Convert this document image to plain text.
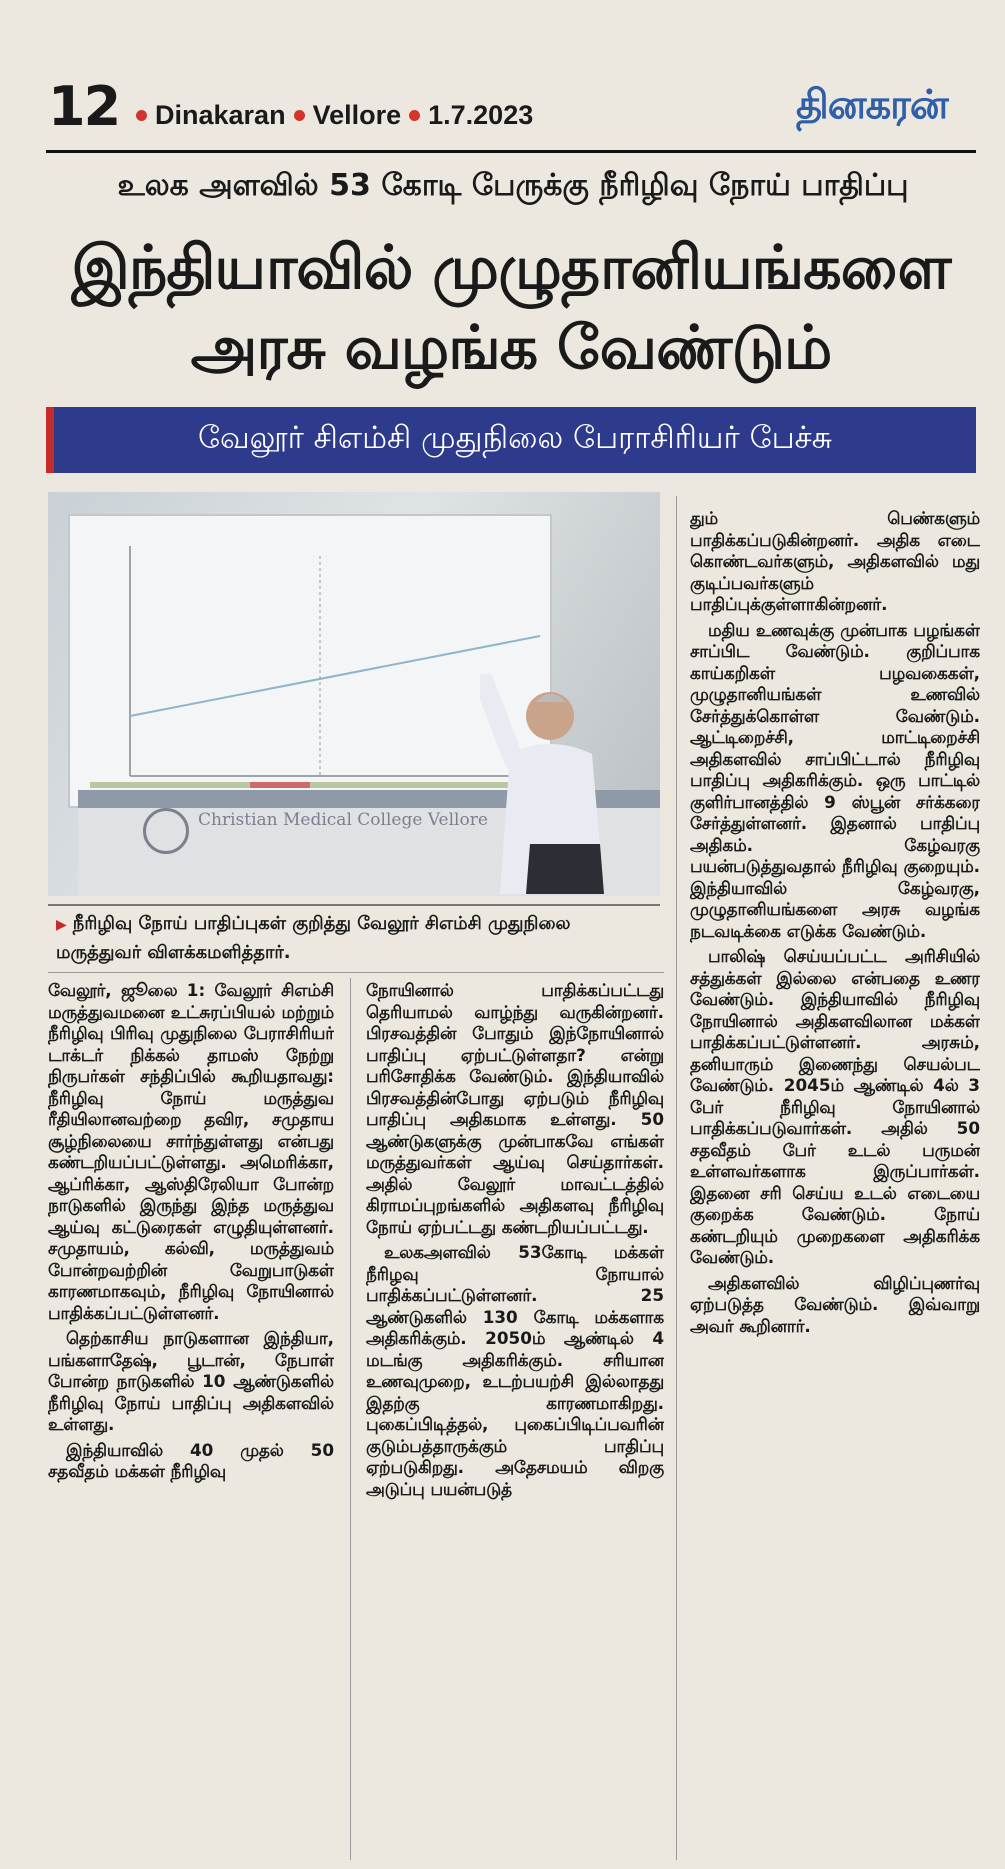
12 Dinakaran Vellore 1.7.2023	தினகரன்
உலக அளவில் 53 கோடி பேருக்கு நீரிழிவு நோய் பாதிப்பு
இந்தியாவில் முழுதானியங்களை
அரசு வழங்க வேண்டும்
வேலூர் சிஎம்சி முதுநிலை பேராசிரியர் பேச்சு
Christian Medical College Vellore
▶ நீரிழிவு நோய் பாதிப்புகள் குறித்து வேலூர் சிஎம்சி முதுநிலை மருத்துவர் விளக்கமளித்தார்.

வேலூர், ஜூலை 1: வேலூர் சிஎம்சி மருத்துவமனை உட்சுரப்பியல் மற்றும் நீரிழிவு பிரிவு முதுநிலை பேராசிரியர் டாக்டர் நிக்கல் தாமஸ் நேற்று நிருபர்கள் சந்திப்பில் கூறியதாவது: நீரிழிவு நோய் மருத்துவ ரீதியிலானவற்றை தவிர, சமுதாய சூழ்நிலையை சார்ந்துள்ளது என்பது கண்டறியப்பட்டுள்ளது. அமெரிக்கா, ஆப்ரிக்கா, ஆஸ்திரேலியா போன்ற நாடுகளில் இருந்து இந்த மருத்துவ ஆய்வு கட்டுரைகள் எழுதியுள்ளனர். சமுதாயம், கல்வி, மருத்துவம் போன்றவற்றின் வேறுபாடுகள் காரணமாகவும், நீரிழிவு நோயினால் பாதிக்கப்பட்டுள்ளனர்.

தெற்காசிய நாடுகளான இந்தியா, பங்களாதேஷ், பூடான், நேபாள் போன்ற நாடுகளில் 10 ஆண்டுகளில் நீரிழிவு நோய் பாதிப்பு அதிகளவில் உள்ளது.

இந்தியாவில் 40 முதல் 50 சதவீதம் மக்கள் நீரிழிவு

நோயினால் பாதிக்கப்பட்டது தெரியாமல் வாழ்ந்து வருகின்றனர். பிரசவத்தின் போதும் இந்நோயினால் பாதிப்பு ஏற்பட்டுள்ளதா? என்று பரிசோதிக்க வேண்டும். இந்தியாவில் பிரசவத்தின்போது ஏற்படும் நீரிழிவு பாதிப்பு அதிகமாக உள்ளது. 50 ஆண்டுகளுக்கு முன்பாகவே எங்கள் மருத்துவர்கள் ஆய்வு செய்தார்கள். அதில் வேலூர் மாவட்டத்தில் கிராமப்புறங்களில் அதிகளவு நீரிழிவு நோய் ஏற்பட்டது கண்டறியப்பட்டது.

உலகஅளவில் 53கோடி மக்கள் நீரிழவு நோயால் பாதிக்கப்பட்டுள்ளனர். 25 ஆண்டுகளில் 130 கோடி மக்களாக அதிகரிக்கும். 2050ம் ஆண்டில் 4 மடங்கு அதிகரிக்கும். சரியான உணவுமுறை, உடற்பயற்சி இல்லாதது இதற்கு காரணமாகிறது. புகைப்பிடித்தல், புகைப்பிடிப்பவரின் குடும்பத்தாருக்கும் பாதிப்பு ஏற்படுகிறது. அதேசமயம் விறகு அடுப்பு பயன்படுத்

தும் பெண்களும் பாதிக்கப்படுகின்றனர். அதிக எடை கொண்டவர்களும், அதிகளவில் மது குடிப்பவர்களும் பாதிப்புக்குள்ளாகின்றனர்.

மதிய உணவுக்கு முன்பாக பழங்கள் சாப்பிட வேண்டும். குறிப்பாக காய்கறிகள் பழவகைகள், முழுதானியங்கள் உணவில் சேர்த்துக்கொள்ள வேண்டும். ஆட்டிறைச்சி, மாட்டிறைச்சி அதிகளவில் சாப்பிட்டால் நீரிழிவு பாதிப்பு அதிகரிக்கும். ஒரு பாட்டில் குளிர்பானத்தில் 9 ஸ்பூன் சர்க்கரை சேர்த்துள்ளனர். இதனால் பாதிப்பு அதிகம். கேழ்வரகு பயன்படுத்துவதால் நீரிழிவு குறையும். இந்தியாவில் கேழ்வரகு, முழுதானியங்களை அரசு வழங்க நடவடிக்கை எடுக்க வேண்டும்.

பாலிஷ் செய்யப்பட்ட அரிசியில் சத்துக்கள் இல்லை என்பதை உணர வேண்டும். இந்தியாவில் நீரிழிவு நோயினால் அதிகளவிலான மக்கள் பாதிக்கப்பட்டுள்ளனர். அரசும், தனியாரும் இணைந்து செயல்பட வேண்டும். 2045ம் ஆண்டில் 4ல் 3 பேர் நீரிழிவு நோயினால் பாதிக்கப்படுவார்கள். அதில் 50 சதவீதம் பேர் உடல் பருமன் உள்ளவர்களாக இருப்பார்கள். இதனை சரி செய்ய உடல் எடையை குறைக்க வேண்டும். நோய் கண்டறியும் முறைகளை அதிகரிக்க வேண்டும்.

அதிகளவில் விழிப்புணர்வு ஏற்படுத்த வேண்டும். இவ்வாறு அவர் கூறினார்.
